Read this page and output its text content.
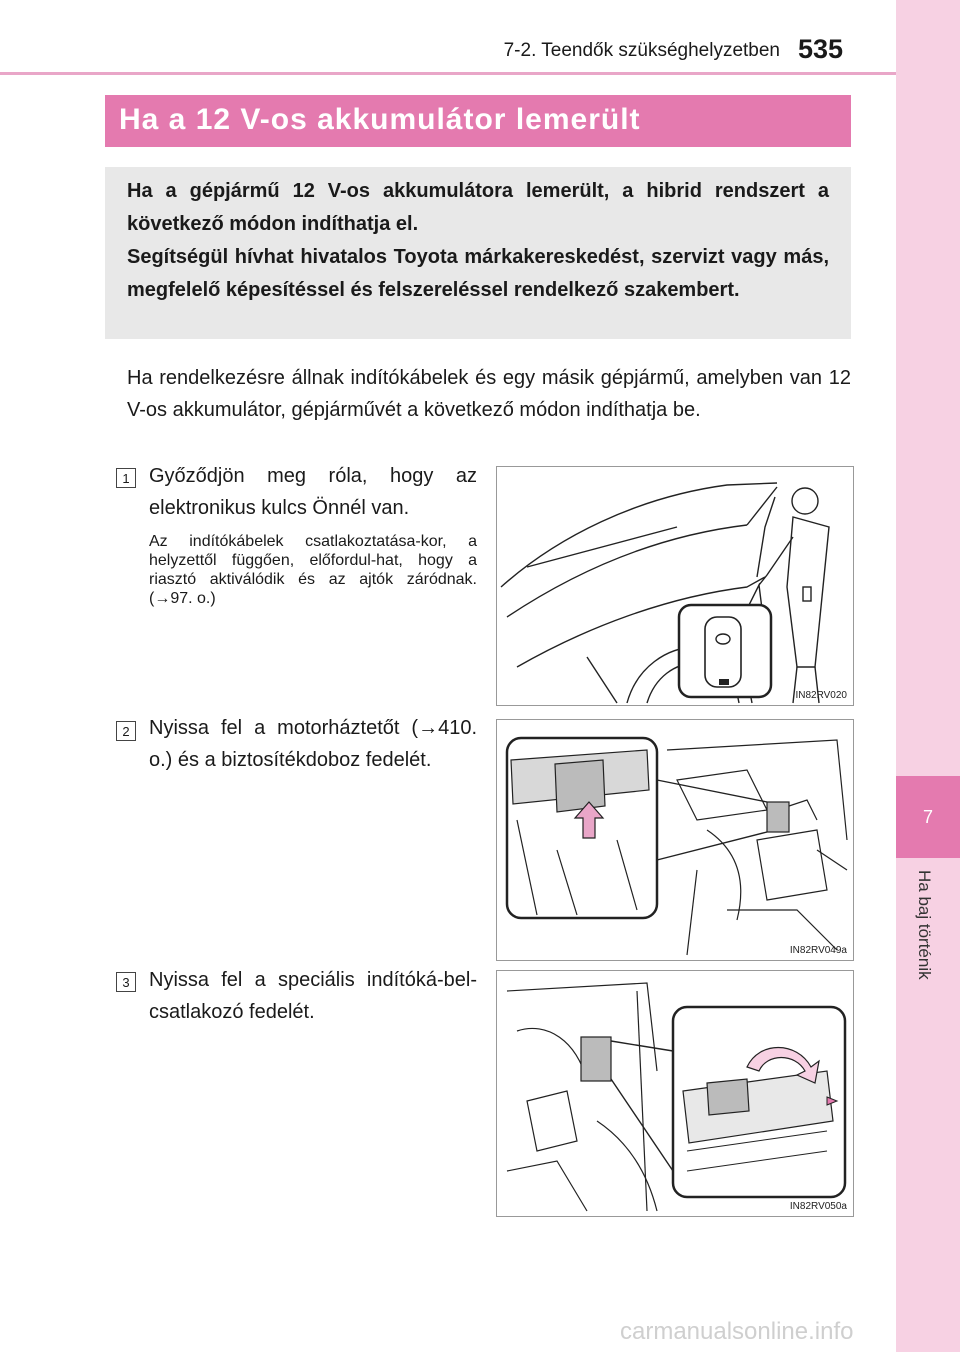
7-2. Teendők szükséghelyzetben 535
7
Ha baj történik
Ha a 12 V-os akkumulátor lemerült

Ha a gépjármű 12 V-os akkumulátora lemerült, a hibrid rendszert a következő módon indíthatja el.

Segítségül hívhat hivatalos Toyota márkakereskedést, szervizt vagy más, megfelelő képesítéssel és felszereléssel rendelkező szakembert.

Ha rendelkezésre állnak indítókábelek és egy másik gépjármű, amelyben van 12 V-os akkumulátor, gépjárművét a következő módon indíthatja be.

1 Győződjön meg róla, hogy az elektronikus kulcs Önnél van.

Az indítókábelek csatlakoztatása-kor, a helyzettől függően, előfordul-hat, hogy a riasztó aktiválódik és az ajtók záródnak. (→97. o.)

IN82RV020
2 Nyissa fel a motorháztetőt (→410. o.) és a biztosítékdoboz fedelét.

IN82RV049a
3 Nyissa fel a speciális indítóká-bel-csatlakozó fedelét.

IN82RV050a
carmanualsonline.info
